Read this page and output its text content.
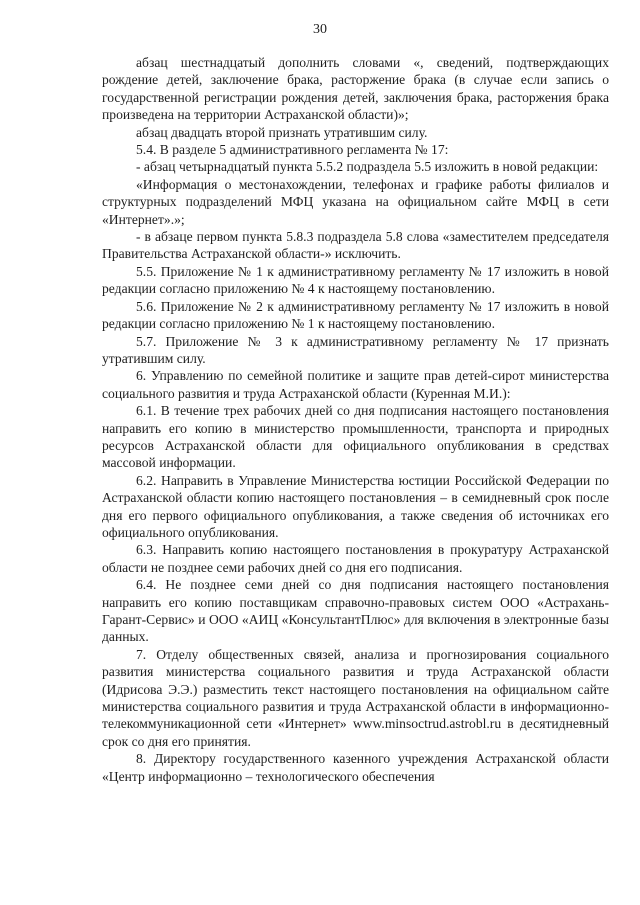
30

абзац шестнадцатый дополнить словами «, сведений, подтверждающих рождение детей, заключение брака, расторжение брака (в случае если запись о государственной регистрации рождения детей, заключения брака, расторжения брака произведена на территории Астраханской области)»;

абзац двадцать второй признать утратившим силу.

5.4. В разделе 5 административного регламента № 17:

- абзац четырнадцатый пункта 5.5.2 подраздела 5.5 изложить в новой редакции:

«Информация о местонахождении, телефонах и графике работы филиалов и структурных подразделений МФЦ указана на официальном сайте МФЦ в сети «Интернет».»;

- в абзаце первом пункта 5.8.3 подраздела 5.8 слова «заместителем председателя Правительства Астраханской области-» исключить.

5.5. Приложение № 1 к административному регламенту № 17 изложить в новой редакции согласно приложению № 4 к настоящему постановлению.

5.6. Приложение № 2 к административному регламенту № 17 изложить в новой редакции согласно приложению № 1 к настоящему постановлению.

5.7. Приложение № 3 к административному регламенту № 17 признать утратившим силу.

6. Управлению по семейной политике и защите прав детей-сирот министерства социального развития и труда Астраханской области (Куренная М.И.):

6.1. В течение трех рабочих дней со дня подписания настоящего постановления направить его копию в министерство промышленности, транспорта и природных ресурсов Астраханской области для официального опубликования в средствах массовой информации.

6.2. Направить в Управление Министерства юстиции Российской Федерации по Астраханской области копию настоящего постановления – в семидневный срок после дня его первого официального опубликования, а также сведения об источниках его официального опубликования.

6.3. Направить копию настоящего постановления в прокуратуру Астраханской области не позднее семи рабочих дней со дня его подписания.

6.4. Не позднее семи дней со дня подписания настоящего постановления направить его копию поставщикам справочно-правовых систем ООО «Астрахань-Гарант-Сервис» и ООО «АИЦ «КонсультантПлюс» для включения в электронные базы данных.

7. Отделу общественных связей, анализа и прогнозирования социального развития министерства социального развития и труда Астраханской области (Идрисова Э.Э.) разместить текст настоящего постановления на официальном сайте министерства социального развития и труда Астраханской области в информационно-телекоммуникационной сети «Интернет» www.minsoctrud.astrobl.ru в десятидневный срок со дня его принятия.

8. Директору государственного казенного учреждения Астраханской области «Центр информационно – технологического обеспечения
